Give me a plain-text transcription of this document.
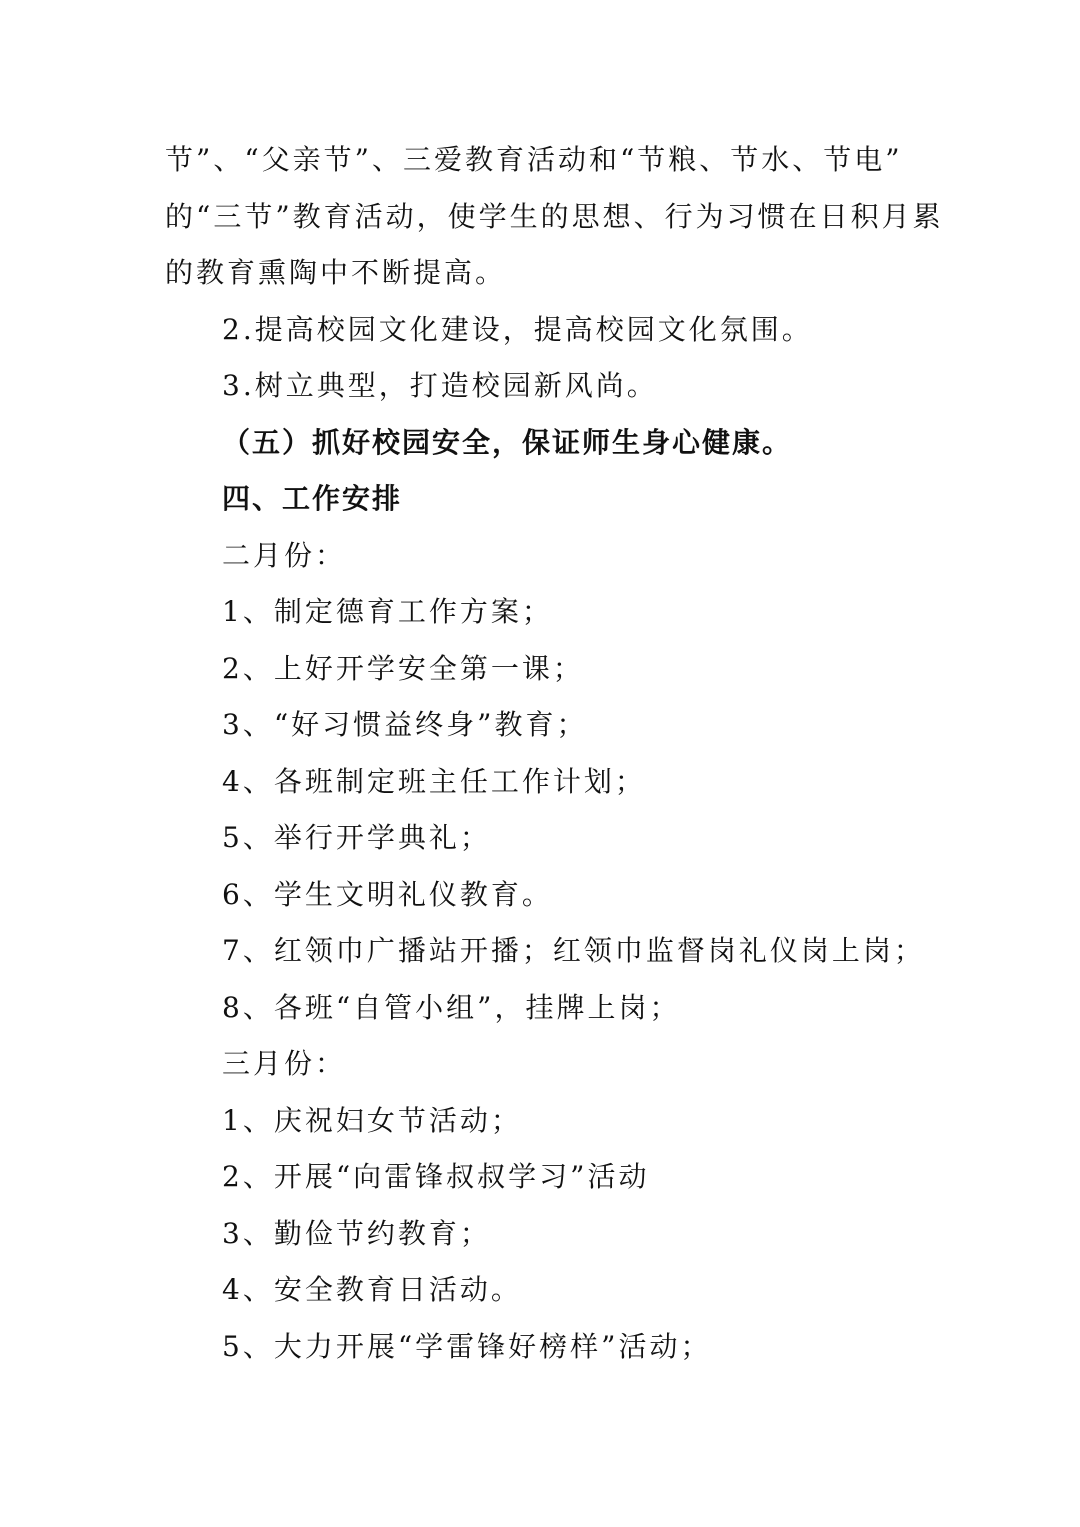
节”、“父亲节”、三爱教育活动和“节粮、节水、节电”
的“三节”教育活动，使学生的思想、行为习惯在日积月累
的教育熏陶中不断提高。
2.提高校园文化建设，提高校园文化氛围。
3.树立典型，打造校园新风尚。
（五）抓好校园安全，保证师生身心健康。
四、工作安排
二月份：
1、制定德育工作方案；
2、上好开学安全第一课；
3、“好习惯益终身”教育；
4、各班制定班主任工作计划；
5、举行开学典礼；
6、学生文明礼仪教育。
7、红领巾广播站开播；红领巾监督岗礼仪岗上岗；
8、各班“自管小组”，挂牌上岗；
三月份：
1、庆祝妇女节活动；
2、开展“向雷锋叔叔学习”活动
3、勤俭节约教育；
4、安全教育日活动。
5、大力开展“学雷锋好榜样”活动；
